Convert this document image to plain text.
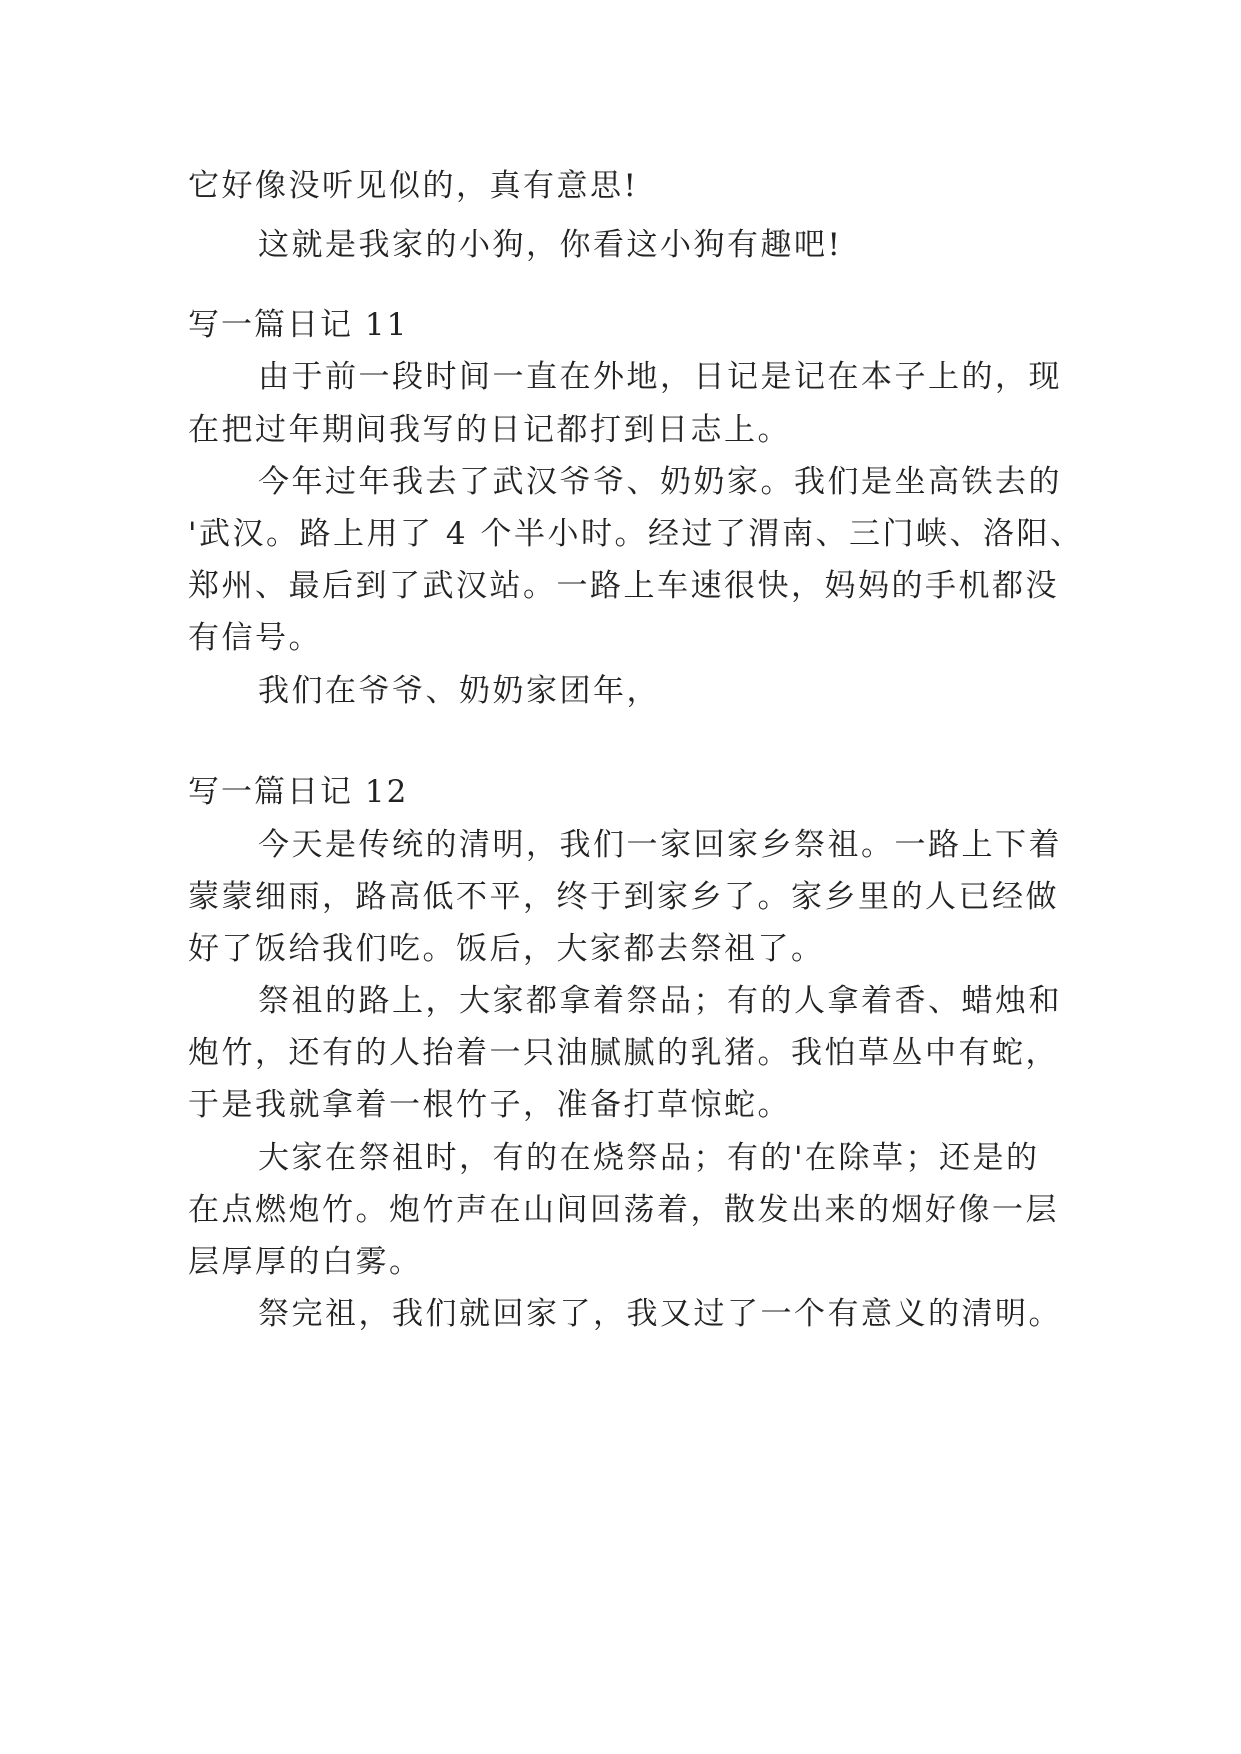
它好像没听见似的，真有意思!
这就是我家的小狗，你看这小狗有趣吧!
写一篇日记 11
由于前一段时间一直在外地，日记是记在本子上的，现
在把过年期间我写的日记都打到日志上。
今年过年我去了武汉爷爷、奶奶家。我们是坐高铁去的
'武汉。路上用了 4 个半小时。经过了渭南、三门峡、洛阳、
郑州、最后到了武汉站。一路上车速很快，妈妈的手机都没
有信号。
我们在爷爷、奶奶家团年，
写一篇日记 12
今天是传统的清明，我们一家回家乡祭祖。一路上下着
蒙蒙细雨，路高低不平，终于到家乡了。家乡里的人已经做
好了饭给我们吃。饭后，大家都去祭祖了。
祭祖的路上，大家都拿着祭品；有的人拿着香、蜡烛和
炮竹，还有的人抬着一只油腻腻的乳猪。我怕草丛中有蛇，
于是我就拿着一根竹子，准备打草惊蛇。
大家在祭祖时，有的在烧祭品；有的'在除草；还是的
在点燃炮竹。炮竹声在山间回荡着，散发出来的烟好像一层
层厚厚的白雾。
祭完祖，我们就回家了，我又过了一个有意义的清明。
